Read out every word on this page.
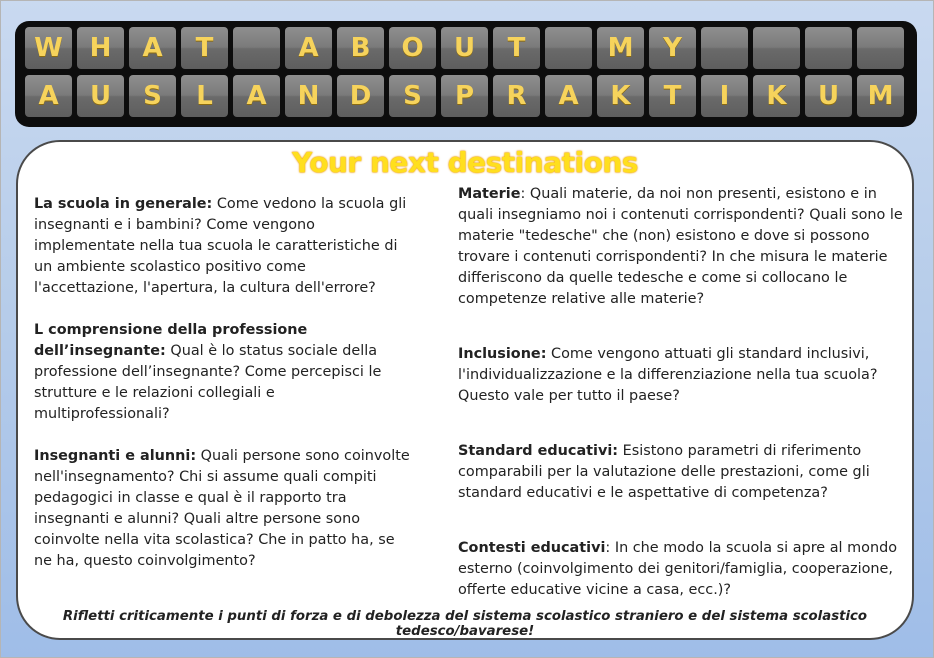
W	H	A	T	A	B	O	U	T	M	Y
A	U	S	L	A	N	D	S	P	R	A	K	T	I	K	U	M
Your next destinations

La scuola in generale: Come vedono la scuola gli insegnanti e i bambini? Come vengono implementate nella tua scuola le caratteristiche di un ambiente scolastico positivo come l'accettazione, l'apertura, la cultura dell'errore?

L comprensione della professione dell’insegnante: Qual è lo status sociale della professione dell’insegnante? Come percepisci le strutture e le relazioni collegiali e multiprofessionali?

Insegnanti e alunni: Quali persone sono coinvolte nell'insegnamento? Chi si assume quali compiti pedagogici in classe e qual è il rapporto tra insegnanti e alunni? Quali altre persone sono coinvolte nella vita scolastica? Che in patto ha, se ne ha, questo coinvolgimento?

Materie: Quali materie, da noi non presenti, esistono e in quali insegniamo noi i contenuti corrispondenti? Quali sono le materie "tedesche" che (non) esistono e dove si possono trovare i contenuti corrispondenti? In che misura le materie differiscono da quelle tedesche e come si collocano le competenze relative alle materie?

Inclusione: Come vengono attuati gli standard inclusivi, l'individualizzazione e la differenziazione nella tua scuola? Questo vale per tutto il paese?

Standard educativi: Esistono parametri di riferimento comparabili per la valutazione delle prestazioni, come gli standard educativi e le aspettative di competenza?

Contesti educativi: In che modo la scuola si apre al mondo esterno (coinvolgimento dei genitori/famiglia, cooperazione, offerte educative vicine a casa, ecc.)?

Rifletti criticamente i punti di forza e di debolezza del sistema scolastico straniero e del sistema scolastico tedesco/bavarese!
